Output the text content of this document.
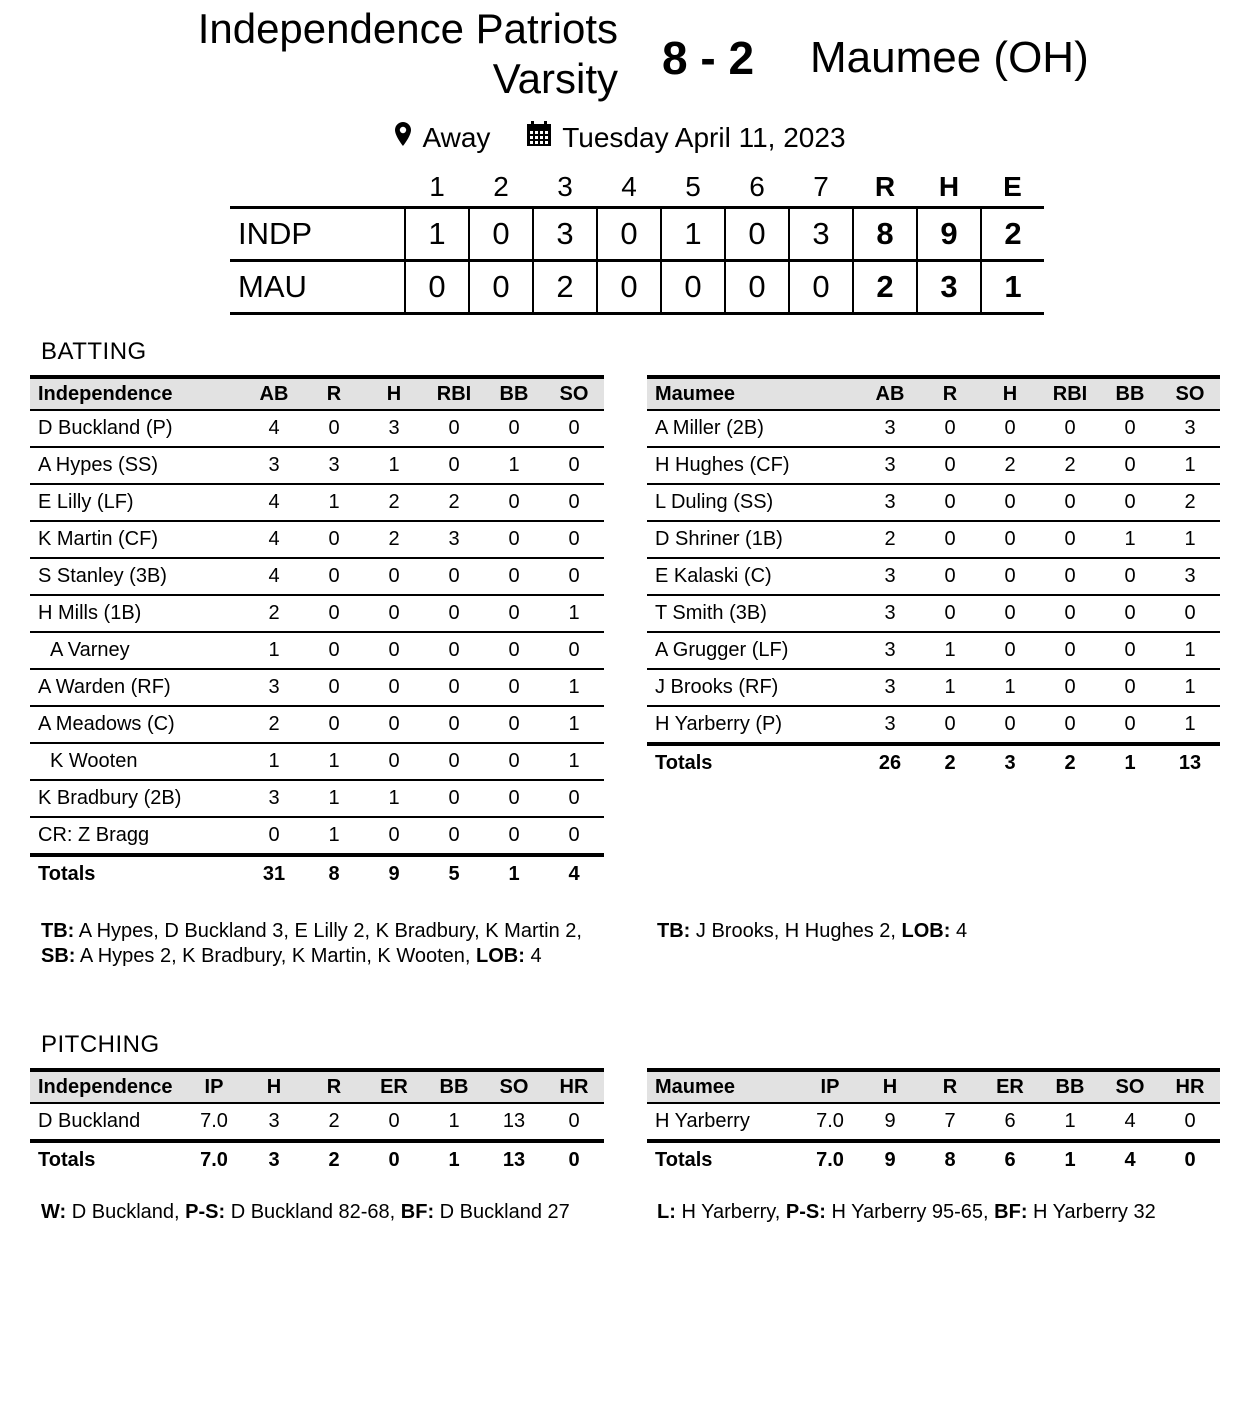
Independence Patriots
Varsity 8 - 2 Maumee (OH)
Away
	Tuesday April 11, 2023
	1	2	3	4	5	6	7	R	H	E
INDP	1	0	3	0	1	0	3	8	9	2
MAU	0	0	2	0	0	0	0	2	3	1
BATTING
Independence	AB	R	H	RBI	BB	SO
D Buckland (P)	4	0	3	0	0	0
A Hypes (SS)	3	3	1	0	1	0
E Lilly (LF)	4	1	2	2	0	0
K Martin (CF)	4	0	2	3	0	0
S Stanley (3B)	4	0	0	0	0	0
H Mills (1B)	2	0	0	0	0	1
A Varney	1	0	0	0	0	0
A Warden (RF)	3	0	0	0	0	1
A Meadows (C)	2	0	0	0	0	1
K Wooten	1	1	0	0	0	1
K Bradbury (2B)	3	1	1	0	0	0
CR: Z Bragg	0	1	0	0	0	0
Totals	31	8	9	5	1	4
Maumee	AB	R	H	RBI	BB	SO
A Miller (2B)	3	0	0	0	0	3
H Hughes (CF)	3	0	2	2	0	1
L Duling (SS)	3	0	0	0	0	2
D Shriner (1B)	2	0	0	0	1	1
E Kalaski (C)	3	0	0	0	0	3
T Smith (3B)	3	0	0	0	0	0
A Grugger (LF)	3	1	0	0	0	1
J Brooks (RF)	3	1	1	0	0	1
H Yarberry (P)	3	0	0	0	0	1
Totals	26	2	3	2	1	13
TB: A Hypes, D Buckland 3, E Lilly 2, K Bradbury, K Martin 2, SB: A Hypes 2, K Bradbury, K Martin, K Wooten, LOB: 4
TB: J Brooks, H Hughes 2, LOB: 4
PITCHING
Independence	IP	H	R	ER	BB	SO	HR
D Buckland	7.0	3	2	0	1	13	0
Totals	7.0	3	2	0	1	13	0
Maumee	IP	H	R	ER	BB	SO	HR
H Yarberry	7.0	9	7	6	1	4	0
Totals	7.0	9	8	6	1	4	0
W: D Buckland, P-S: D Buckland 82-68, BF: D Buckland 27	L: H Yarberry, P-S: H Yarberry 95-65, BF: H Yarberry 32
